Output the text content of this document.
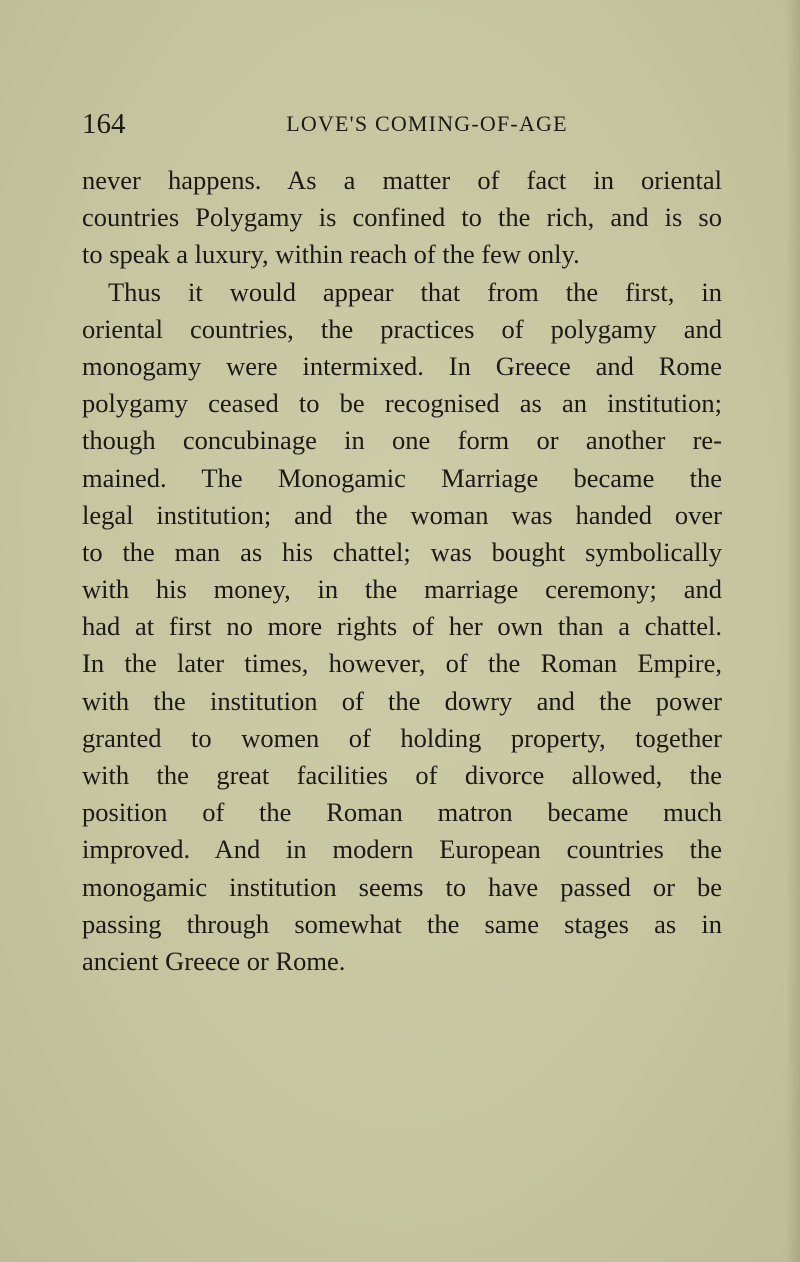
164	LOVE'S COMING-OF-AGE
never happens. As a matter of fact in oriental
countries Polygamy is confined to the rich, and is so
to speak a luxury, within reach of the few only.
Thus it would appear that from the first, in
oriental countries, the practices of polygamy and
monogamy were intermixed. In Greece and Rome
polygamy ceased to be recognised as an institution;
though concubinage in one form or another re-
mained. The Monogamic Marriage became the
legal institution; and the woman was handed over
to the man as his chattel; was bought symbolically
with his money, in the marriage ceremony; and
had at first no more rights of her own than a chattel.
In the later times, however, of the Roman Empire,
with the institution of the dowry and the power
granted to women of holding property, together
with the great facilities of divorce allowed, the
position of the Roman matron became much
improved. And in modern European countries the
monogamic institution seems to have passed or be
passing through somewhat the same stages as in
ancient Greece or Rome.
